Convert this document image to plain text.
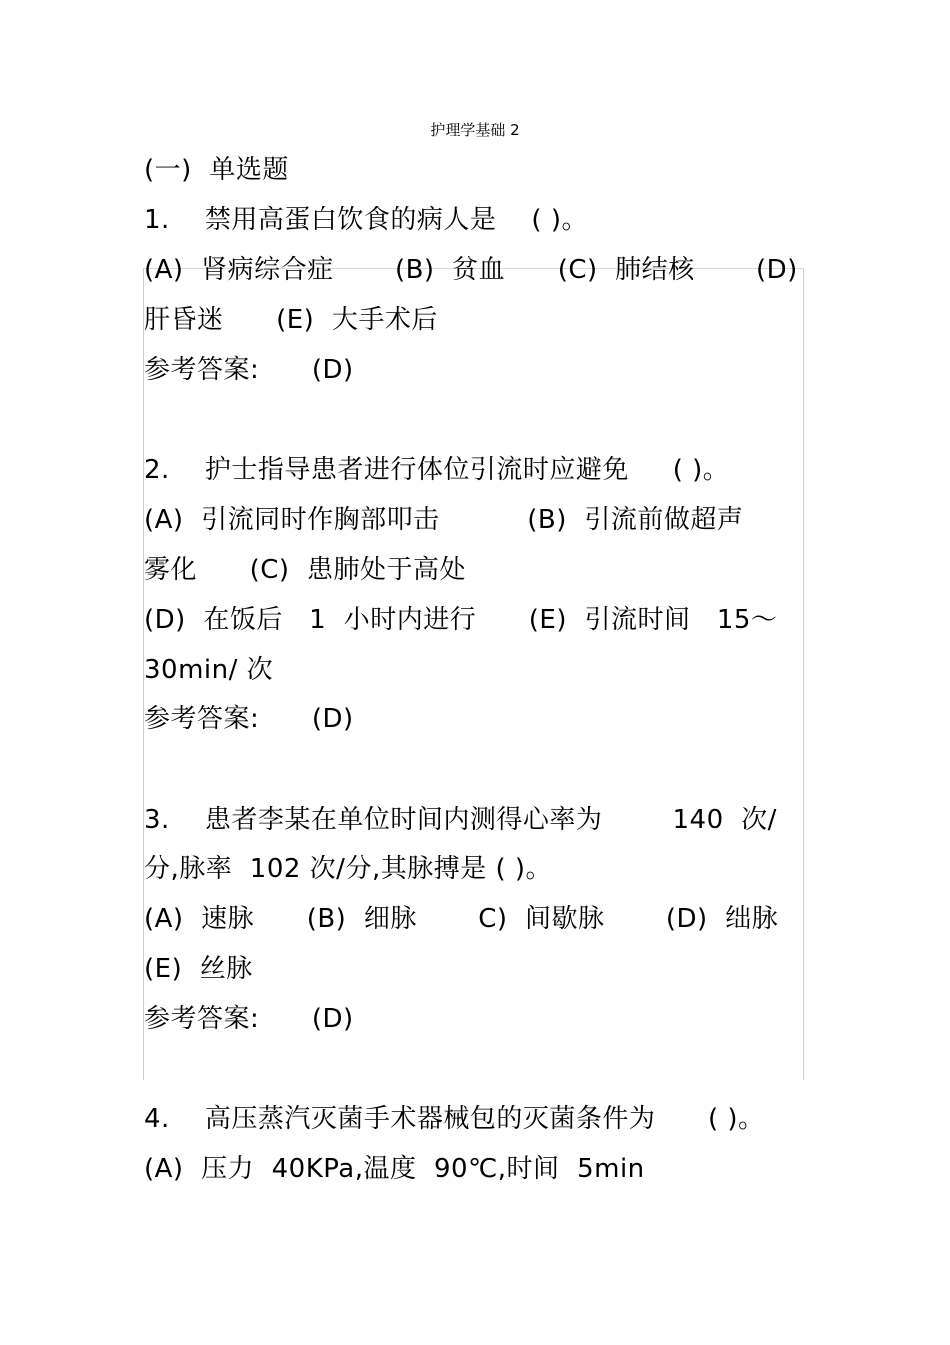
护理学基础 2
(一)  单选题
1.    禁用高蛋白饮食的病人是    ( )。
(A)  肾病综合症       (B)  贫血      (C)  肺结核       (D)
肝昏迷      (E)  大手术后
参考答案:      (D)
2.    护士指导患者进行体位引流时应避免     ( )。
(A)  引流同时作胸部叩击          (B)  引流前做超声
雾化      (C)  患肺处于高处
(D)  在饭后   1  小时内进行      (E)  引流时间   15～
30min/ 次
参考答案:      (D)
3.    患者李某在单位时间内测得心率为        140  次/
分,脉率  102 次/分,其脉搏是 ( )。
(A)  速脉      (B)  细脉       C)  间歇脉       (D)  绌脉
(E)  丝脉
参考答案:      (D)
4.    高压蒸汽灭菌手术器械包的灭菌条件为      ( )。
(A)  压力  40KPa,温度  90℃,时间  5min
